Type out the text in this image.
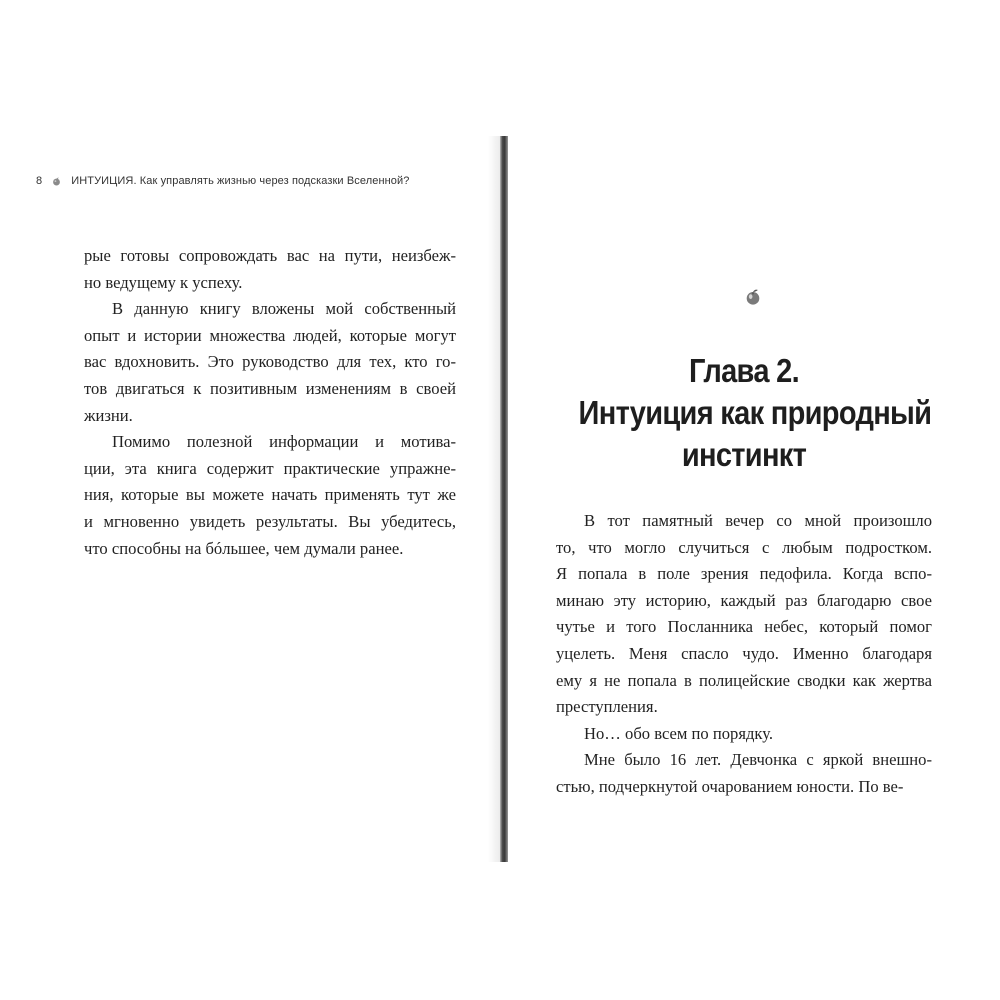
8	ИНТУИЦИЯ. Как управлять жизнью через подсказки Вселенной?
рые готовы сопровождать вас на пути, неизбеж-
но ведущему к успеху.
В данную книгу вложены мой собственный
опыт и истории множества людей, которые могут
вас вдохновить. Это руководство для тех, кто го-
тов двигаться к позитивным изменениям в своей
жизни.
Помимо полезной информации и мотива-
ции, эта книга содержит практические упражне-
ния, которые вы можете начать применять тут же
и мгновенно увидеть результаты. Вы убедитесь,
что способны на бóльшее, чем думали ранее.
Глава 2.
Интуиция как природный
инстинкт
В тот памятный вечер со мной произошло
то, что могло случиться с любым подростком.
Я попала в поле зрения педофила. Когда вспо-
минаю эту историю, каждый раз благодарю свое
чутье и того Посланника небес, который помог
уцелеть. Меня спасло чудо. Именно благодаря
ему я не попала в полицейские сводки как жертва
преступления.
Но… обо всем по порядку.
Мне было 16 лет. Девчонка с яркой внешно-
стью, подчеркнутой очарованием юности. По ве-
